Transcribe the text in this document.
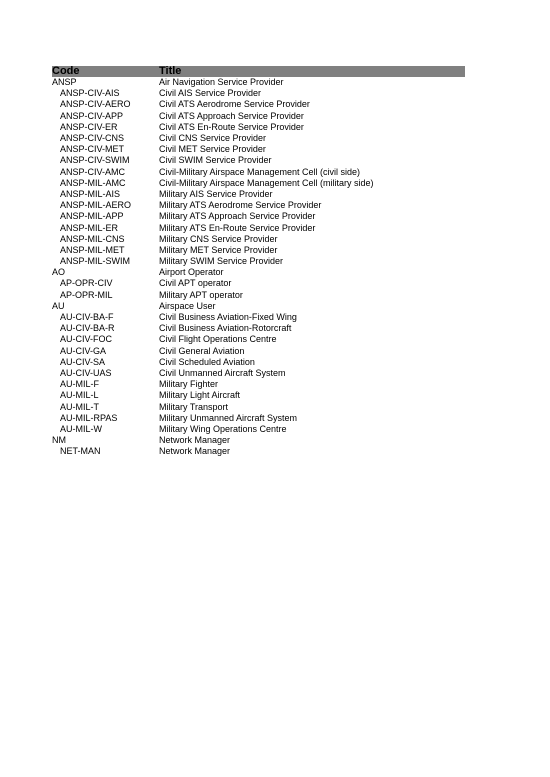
Code	Title
ANSP	Air Navigation Service Provider
ANSP-CIV-AIS	Civil AIS Service Provider
ANSP-CIV-AERO	Civil ATS Aerodrome Service Provider
ANSP-CIV-APP	Civil ATS Approach Service Provider
ANSP-CIV-ER	Civil ATS En-Route Service Provider
ANSP-CIV-CNS	Civil CNS Service Provider
ANSP-CIV-MET	Civil MET Service Provider
ANSP-CIV-SWIM	Civil SWIM Service Provider
ANSP-CIV-AMC	Civil-Military Airspace Management Cell (civil side)
ANSP-MIL-AMC	Civil-Military Airspace Management Cell (military side)
ANSP-MIL-AIS	Military AIS Service Provider
ANSP-MIL-AERO	Military ATS Aerodrome Service Provider
ANSP-MIL-APP	Military ATS Approach Service Provider
ANSP-MIL-ER	Military ATS En-Route Service Provider
ANSP-MIL-CNS	Military CNS Service Provider
ANSP-MIL-MET	Military MET Service Provider
ANSP-MIL-SWIM	Military SWIM Service Provider
AO	Airport Operator
AP-OPR-CIV	Civil APT operator
AP-OPR-MIL	Military APT operator
AU	Airspace User
AU-CIV-BA-F	Civil Business Aviation-Fixed Wing
AU-CIV-BA-R	Civil Business Aviation-Rotorcraft
AU-CIV-FOC	Civil Flight Operations Centre
AU-CIV-GA	Civil General Aviation
AU-CIV-SA	Civil Scheduled Aviation
AU-CIV-UAS	Civil Unmanned Aircraft System
AU-MIL-F	Military Fighter
AU-MIL-L	Military Light Aircraft
AU-MIL-T	Military Transport
AU-MIL-RPAS	Military Unmanned Aircraft System
AU-MIL-W	Military Wing Operations Centre
NM	Network Manager
NET-MAN	Network Manager
